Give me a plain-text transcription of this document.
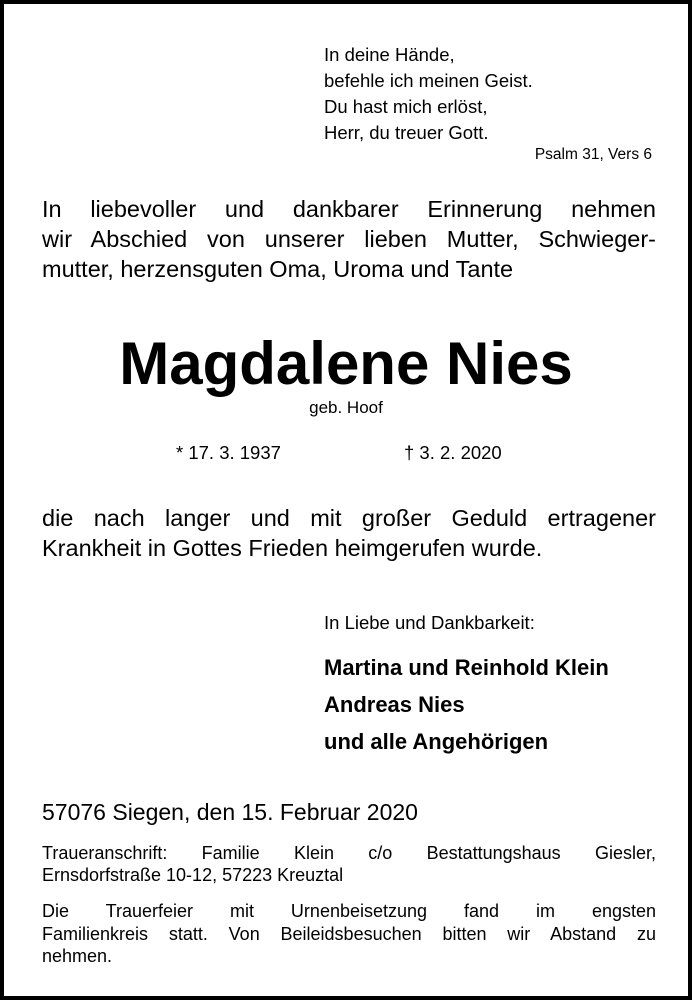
In deine Hände,
befehle ich meinen Geist.
Du hast mich erlöst,
Herr, du treuer Gott.
Psalm 31, Vers 6
In liebevoller und dankbarer Erinnerung nehmen
wir Abschied von unserer lieben Mutter, Schwieger-
mutter, herzensguten Oma, Uroma und Tante
Magdalene Nies
geb. Hoof
* 17. 3. 1937	† 3. 2. 2020
die nach langer und mit großer Geduld ertragener
Krankheit in Gottes Frieden heimgerufen wurde.
In Liebe und Dankbarkeit:
Martina und Reinhold Klein
Andreas Nies
und alle Angehörigen
57076 Siegen, den 15. Februar 2020
Traueranschrift: Familie Klein c/o Bestattungshaus Giesler,
Ernsdorfstraße 10-12, 57223 Kreuztal
Die Trauerfeier mit Urnenbeisetzung fand im engsten
Familienkreis statt. Von Beileidsbesuchen bitten wir Abstand zu
nehmen.
